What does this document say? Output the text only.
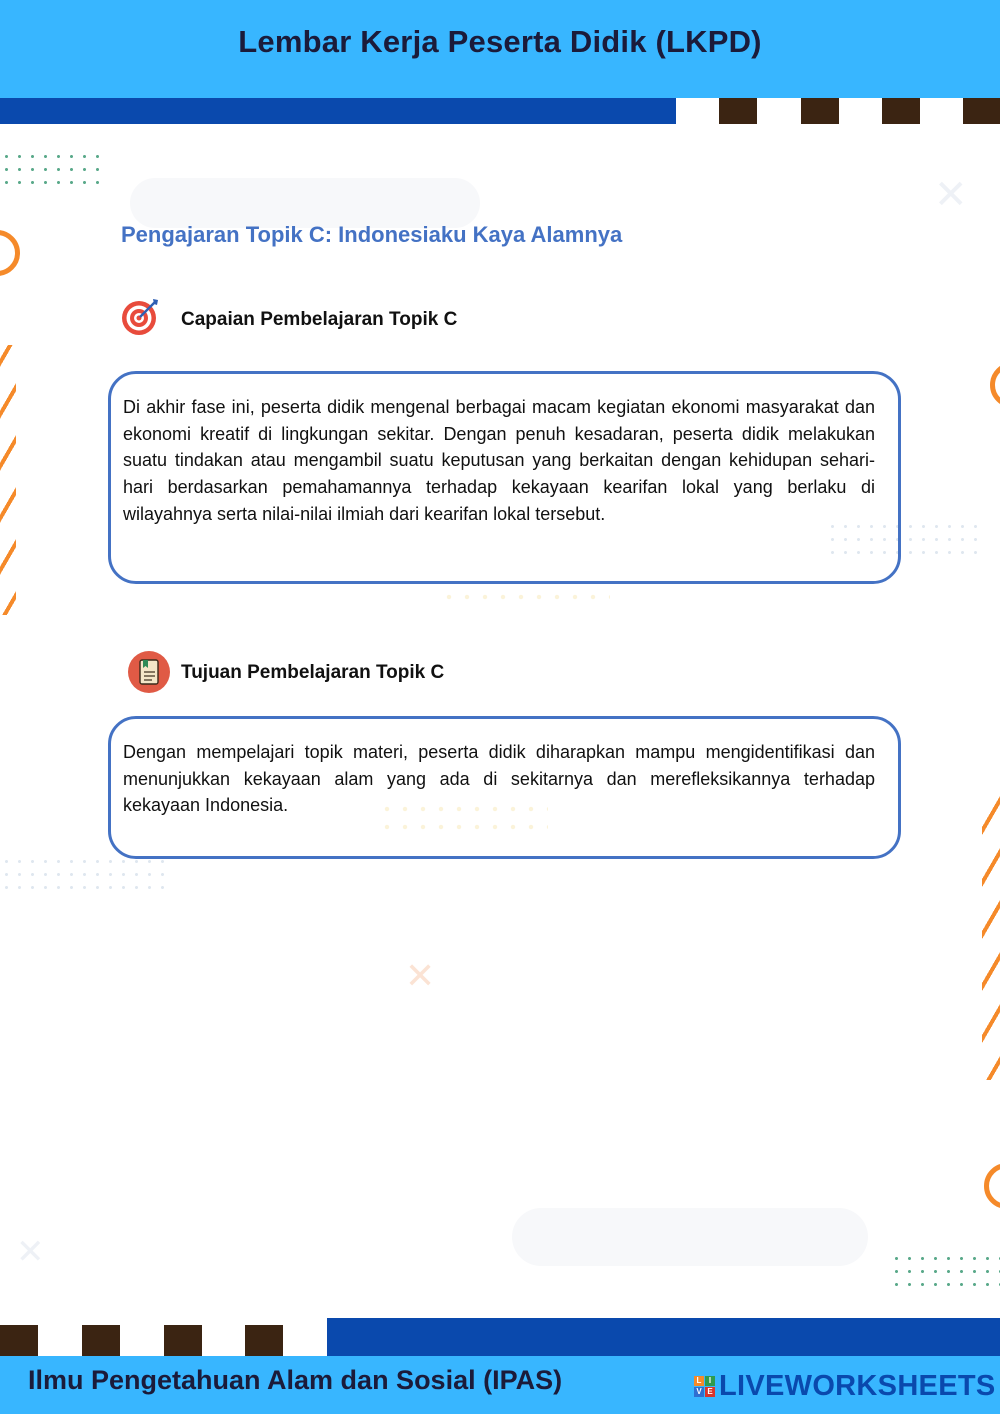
Lembar Kerja Peserta Didik (LKPD)
✕
✕
✕
Pengajaran Topik C: Indonesiaku Kaya Alamnya
Capaian Pembelajaran Topik C

Di akhir fase ini, peserta didik mengenal berbagai macam kegiatan ekonomi masyarakat dan ekonomi kreatif di lingkungan sekitar. Dengan penuh kesadaran, peserta didik melakukan suatu tindakan atau mengambil suatu keputusan yang berkaitan dengan kehidupan sehari-hari berdasarkan pemahamannya terhadap kekayaan kearifan lokal yang berlaku di wilayahnya serta nilai-nilai ilmiah dari kearifan lokal tersebut.

Tujuan Pembelajaran Topik C

Dengan mempelajari topik materi, peserta didik diharapkan mampu mengidentifikasi dan menunjukkan kekayaan alam yang ada di sekitarnya dan merefleksikannya terhadap kekayaan Indonesia.

Ilmu Pengetahuan Alam dan Sosial (IPAS)	L I
V E LIVEWORKSHEETS
